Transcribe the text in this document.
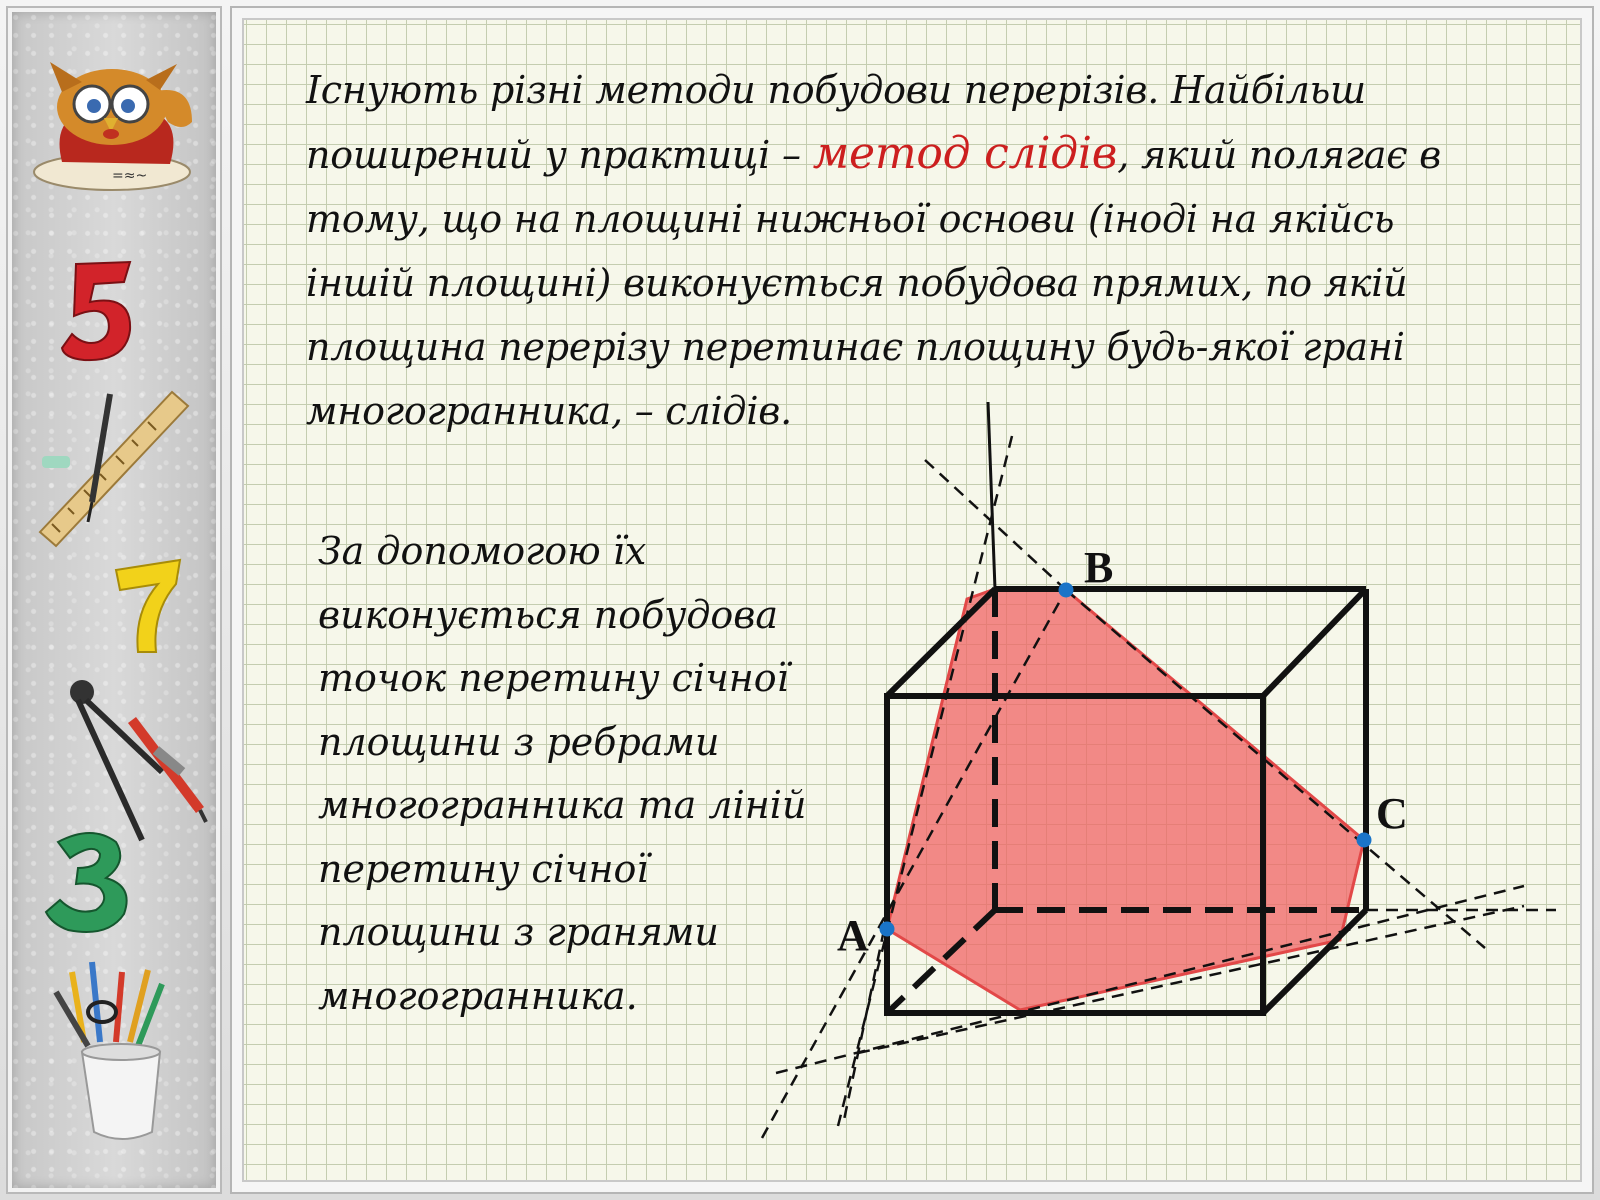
=≈~

Існують різні методи побудови перерізів. Найбільш поширений у практиці – метод слідів, який полягає в тому, що на площині нижньої основи (іноді на якійсь іншій площині) виконується побудова прямих, по якій площина перерізу перетинає площину будь-якої грані многогранника, – слідів.

За допомогою їх виконується побудова точок перетину січної площини з ребрами многогранника та ліній перетину січної площини з гранями многогранника.

A
B
C
